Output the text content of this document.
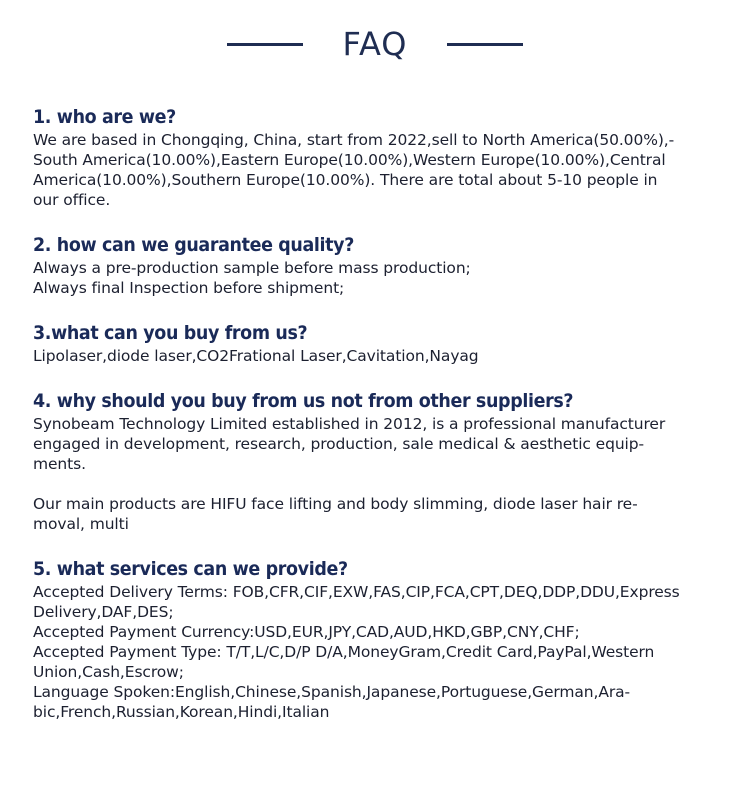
FAQ
1. who are we?

We are based in Chongqing, China, start from 2022,sell to North America(50.00%),-

South America(10.00%),Eastern Europe(10.00%),Western Europe(10.00%),Central

America(10.00%),Southern Europe(10.00%). There are total about 5-10 people in

our office.

2. how can we guarantee quality?

Always a pre-production sample before mass production;

Always final Inspection before shipment;

3.what can you buy from us?

Lipolaser,diode laser,CO2Frational Laser,Cavitation,Nayag

4. why should you buy from us not from other suppliers?

Synobeam Technology Limited established in 2012, is a professional manufacturer

engaged in development, research, production, sale medical & aesthetic equip-

ments.

Our main products are HIFU face lifting and body slimming, diode laser hair re-

moval, multi

5. what services can we provide?

Accepted Delivery Terms: FOB,CFR,CIF,EXW,FAS,CIP,FCA,CPT,DEQ,DDP,DDU,Express

Delivery,DAF,DES;

Accepted Payment Currency:USD,EUR,JPY,CAD,AUD,HKD,GBP,CNY,CHF;

Accepted Payment Type: T/T,L/C,D/P D/A,MoneyGram,Credit Card,PayPal,Western

Union,Cash,Escrow;

Language Spoken:English,Chinese,Spanish,Japanese,Portuguese,German,Ara-

bic,French,Russian,Korean,Hindi,Italian
